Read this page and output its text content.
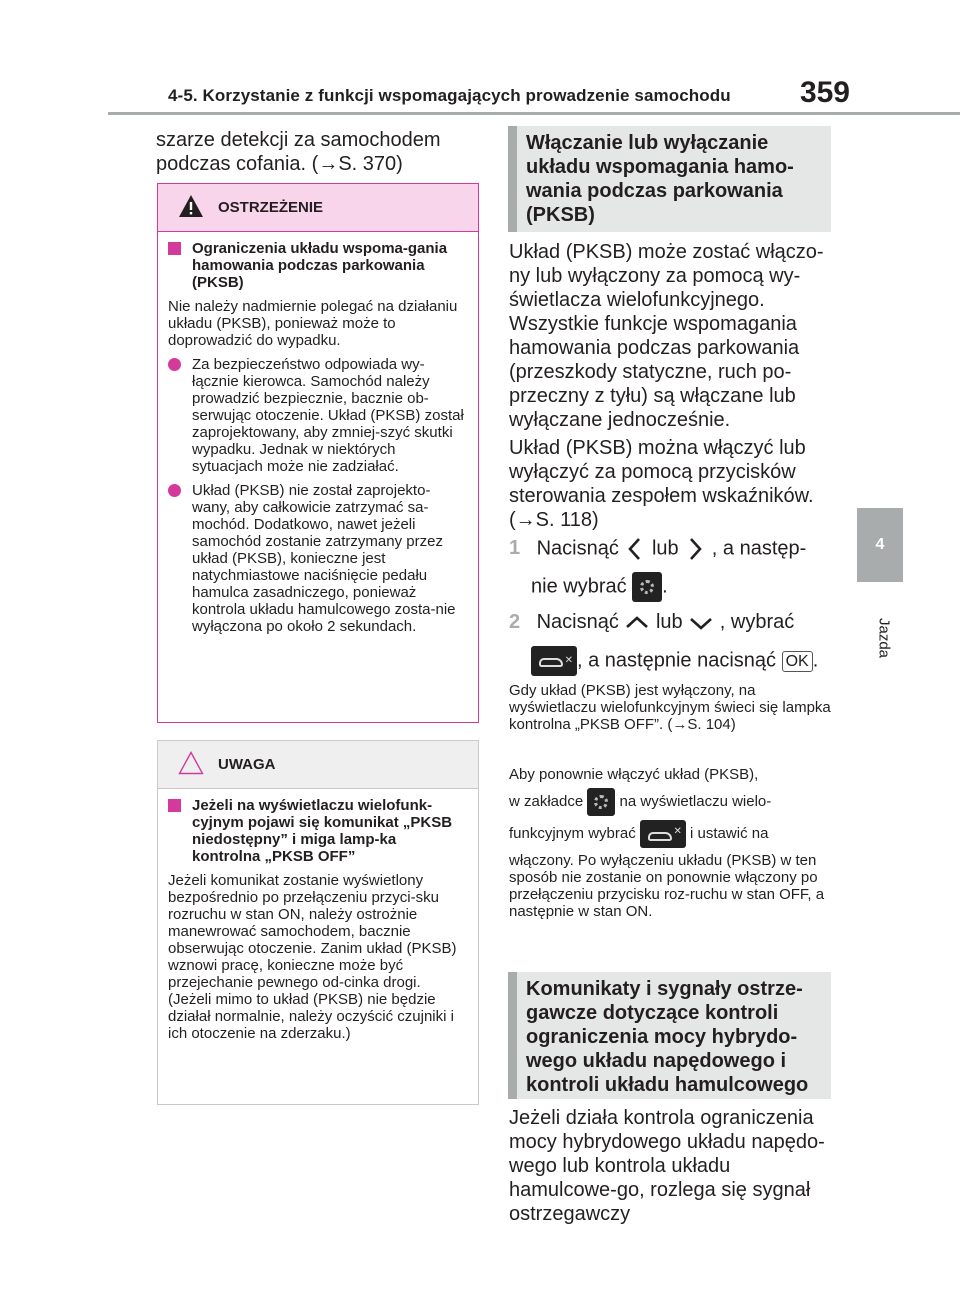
4-5. Korzystanie z funkcji wspomagających prowadzenie samochodu 359
4
Jazda
szarze detekcji za samochodem podczas cofania. (→S. 370)
OSTRZEŻENIE
Ograniczenia układu wspoma-gania hamowania podczas parkowania (PKSB)
Nie należy nadmiernie polegać na działaniu układu (PKSB), ponieważ może to doprowadzić do wypadku.
Za bezpieczeństwo odpowiada wy-łącznie kierowca. Samochód należy prowadzić bezpiecznie, bacznie ob-serwując otoczenie. Układ (PKSB) został zaprojektowany, aby zmniej-szyć skutki wypadku. Jednak w niektórych sytuacjach może nie zadziałać.
Układ (PKSB) nie został zaprojekto-wany, aby całkowicie zatrzymać sa-mochód. Dodatkowo, nawet jeżeli samochód zostanie zatrzymany przez układ (PKSB), konieczne jest natychmiastowe naciśnięcie pedału hamulca zasadniczego, ponieważ kontrola układu hamulcowego zosta-nie wyłączona po około 2 sekundach.
UWAGA
Jeżeli na wyświetlaczu wielofunk-cyjnym pojawi się komunikat „PKSB niedostępny” i miga lamp-ka kontrolna „PKSB OFF”
Jeżeli komunikat zostanie wyświetlony bezpośrednio po przełączeniu przyci-sku rozruchu w stan ON, należy ostrożnie manewrować samochodem, bacznie obserwując otoczenie. Zanim układ (PKSB) wznowi pracę, konieczne może być przejechanie pewnego od-cinka drogi. (Jeżeli mimo to układ (PKSB) nie będzie działał normalnie, należy oczyścić czujniki i ich otoczenie na zderzaku.)
Włączanie lub wyłączanie układu wspomagania hamo-wania podczas parkowania (PKSB)
Układ (PKSB) może zostać włączo-ny lub wyłączony za pomocą wy-świetlacza wielofunkcyjnego. Wszystkie funkcje wspomagania hamowania podczas parkowania (przeszkody statyczne, ruch po-przeczny z tyłu) są włączane lub wyłączane jednocześnie.
Układ (PKSB) można włączyć lub wyłączyć za pomocą przycisków sterowania zespołem wskaźników. (→S. 118)
1 Nacisnąć lub , a następ-
nie wybrać .
2 Nacisnąć lub , wybrać
✕ , a następnie nacisnąć OK .
Gdy układ (PKSB) jest wyłączony, na wyświetlaczu wielofunkcyjnym świeci się lampka kontrolna „PKSB OFF”. (→S. 104)
Aby ponownie włączyć układ (PKSB),
w zakładce na wyświetlaczu wielo-
funkcyjnym wybrać	✕ i ustawić na
włączony. Po wyłączeniu układu (PKSB) w ten sposób nie zostanie on ponownie włączony po przełączeniu przycisku roz-ruchu w stan OFF, a następnie w stan ON.
Komunikaty i sygnały ostrze-gawcze dotyczące kontroli ograniczenia mocy hybrydo-wego układu napędowego i kontroli układu hamulcowego
Jeżeli działa kontrola ograniczenia mocy hybrydowego układu napędo-wego lub kontrola układu hamulcowe-go, rozlega się sygnał ostrzegawczy
